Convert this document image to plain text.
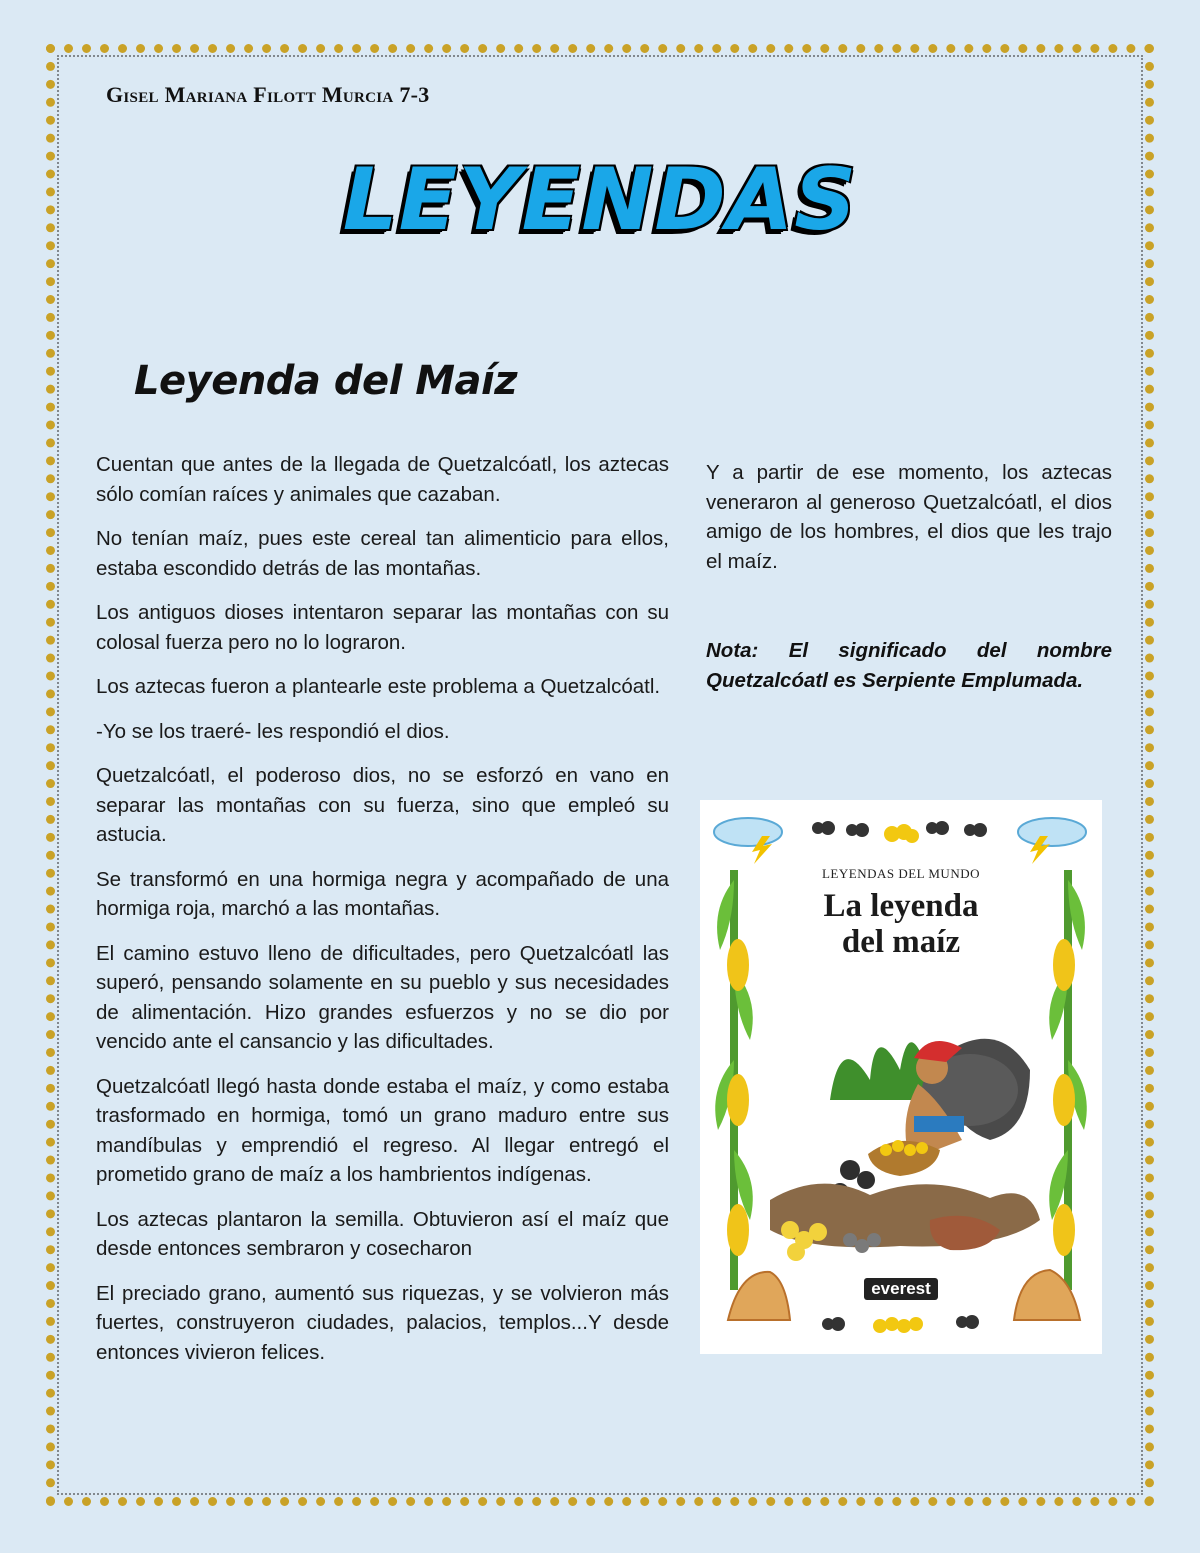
Gisel Mariana Filott Murcia 7-3
LEYENDAS
Leyenda del Maíz

Cuentan que antes de la llegada de Quetzalcóatl, los aztecas sólo comían raíces y animales que cazaban.

No tenían maíz, pues este cereal tan alimenticio para ellos, estaba escondido detrás de las montañas.

Los antiguos dioses intentaron separar las montañas con su colosal fuerza pero no lo lograron.

Los aztecas fueron a plantearle este problema a Quetzalcóatl.

-Yo se los traeré- les respondió el dios.

Quetzalcóatl, el poderoso dios, no se esforzó en vano en separar las montañas con su fuerza, sino que empleó su astucia.

Se transformó en una hormiga negra y acompañado de una hormiga roja, marchó a las montañas.

El camino estuvo lleno de dificultades, pero Quetzalcóatl las superó, pensando solamente en su pueblo y sus necesidades de alimentación. Hizo grandes esfuerzos y no se dio por vencido ante el cansancio y las dificultades.

Quetzalcóatl llegó hasta donde estaba el maíz, y como estaba trasformado en hormiga, tomó un grano maduro entre sus mandíbulas y emprendió el regreso. Al llegar entregó el prometido grano de maíz a los hambrientos indígenas.

Los aztecas plantaron la semilla. Obtuvieron así el maíz que desde entonces sembraron y cosecharon

El preciado grano, aumentó sus riquezas, y se volvieron más fuertes, construyeron ciudades, palacios, templos...Y desde entonces vivieron felices.

Y a partir de ese momento, los aztecas veneraron al generoso Quetzalcóatl, el dios amigo de los hombres, el dios que les trajo el maíz.

Nota: El significado del nombre Quetzalcóatl es Serpiente Emplumada.
LEYENDAS DEL MUNDO
La leyenda
del maíz
everest
